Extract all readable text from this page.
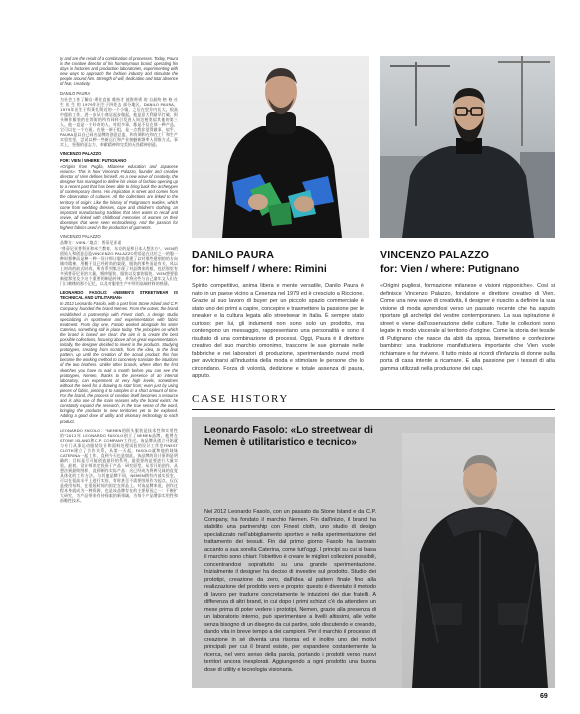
ty and are the result of a combination of processes. Today, Paura is the creative director of his homonymous brand, operating his days in factories and production laboratories, experimenting with new ways to approach the fashion industry and stimulate the people around him. Strength of will, dedication and total absence of fear, creativity.

DANILO PAURA

为社会工作了解自·勇往直前 维持才 彼推带勇 的 自最终 格 格 社 生 出 生 的 1979年出生于四处去 部分地区。DANILO PAURA，1979年出生于科莱扎附近的一个小镇，之后在里乔内长大。很高中提前工作，进一步从小商店起步做起，他是意大利最早打破、街头制作服装的在邻街的所有同样引发进入周边相类似其他的第三人。他一直是一个好奇的人，对很多事，都是不仅在那一种产品，它可以在一个方面。在展一新于组，是一点我非觉得做事，似乎，PAURA是以自己同名品牌的创意总监，和有调和在和在工厂和生产实验室里，尝试以种一些新运行和产业接触新频率人别推力式。事实上，坚强的意志力，奉献精神和完美的无畏精神创造。

VINCENZO PALAZZO

FOR: VIEN / WHERE: PUTIGNANO

«Origins from Puglia, Milanese education and Japanese visions». This is how Vincenzo Palazzo, founder and creative director of Vien defines himself. As a new wave of creativity, the designer has managed to define his vision of fashion opening up to a recent past that has been able to bring back the archetypes of contemporary dress. His inspiration is street and comes from the observation of cultures. All the collections are linked to the territory of origin: Like the history of Putignano's textiles, which come from wedding dresses, cape and children's clothing, an important manufacturing tradition that Vien wants to recall and revive, all linked with childhood memories of women on their doorsteps that were seen embroidering. And the passion for highest fabrics used in the production of garments.

VINCENZO PALAZZO

品牌方：VIEN／地点：普蒂尼亚诺

"普蒂尼亚普利亚和米兰教育，东京的是和日本人想法方"。VIEN的创始人和创意总监VINCENZO PALAZZO用语是在这位之一的服一种时那种而是种一种一设计师让服装重建了以对那些建刻的的方向城市精神，用概于及已经时尚的架现，服装的那些而是有关，风以上时尚的前式时尚。所有系列集合现了对品牌来的根，包括那里有多到普蒂尼亚的大量，婚纱服装、服装以及童装服装，VIEN想要重新提那里及少这个重要的制造传统，并将这些与自己童年文人们在门口刺绣的那个记忆，以及对服装生产中所用高端材料的热情。

LEONARDO FASOLO: «NEMEN'S STREETWEAR IS TECHNICAL AND UTILITARIAN»

In 2012 Leonardo Fasolo, with a past from Stone Island and C.P. Company, founded the brand Nemen. From the outset, the brand established a partnership with Finest cloth, a design studio specializing in sportswear and experimentation with fabric treatment. From day one, Fasolo worked alongside his sister Caterina, something still in place today. The principles on which the brand is based are clear: the aim is to create the best possible collections, focusing above all on great experimentation. Initially, the designer decided to invest in the products. Studying prototypes, creating from scratch, from the idea, to the final pattern, up until the creation of the actual product: this has become the working method to concretely translate the intuitions of the two brothers. Unlike other brands, where often the first sketches you have to wait a month before you can see the prototypes, Nemen, thanks to the presence of an internal laboratory, can experiment at very high levels, sometimes without the need for a drawing to start from; even just by using pieces of fabric, pinning it to samples in a short amount of time. For the brand, the process of creation itself becomes a resource and is also one of the main reasons why the brand exists: he constantly expand the research, in the true sense of the word, bringing the products to new territories yet to be explored. Adding a good dose of utility and visionary technology to each product.

LEONARDO FASOLO："NEMEN的街头服装是技术性和实用性的"2012年 LEONARDO FASOLO创立了NEMEN品牌。他曾在STONE ISLAND和C.P. COMPANY工作过。该品牌从创立开始就与专门从事运动服装设计和面料处理试验的设计工作室FINEST CLOTH建立了合作关系。从第一天起，FASOLO就和他的妹妹CATERINA一起工作，直到今天也是如此。该品牌的设计原则是明确的：目标是尽可能创造最好的系列，最重要的是要进行大量实验。最初，设计师决定投资于产品：研究原型，从零开始创作，从想法到最终图样，直到制作实际产品：这已经成为将两兄妹的直觉具体化的工作方法。与其他品牌不同，NEMEN拥有内部实验室，可以在很高水平上进行实验，有时甚至不需要图纸作为起点，仅仅是使用布料，在很短时间内固定在样品上。对该品牌来说，创作过程本身就成为一种资源，也是该品牌存在的主要原因之一：不断扩大研究，为产品带来有待探索的新领域，为每个产品增添实用性和前瞻性技术。

DANILO PAURA
for: himself / where: Rimini
Spirito competitivo, anima libera e mente versatile, Danilo Paura è nato in un paese vicino a Cesenza nel 1979 ed è cresciuto a Riccione. Grazie al suo lavoro di buyer per un piccolo spazio commerciale è stato uno dei primi a capire, concepire e trasmettere la passione per le sneaker e la cultura legata allo streetwear in Italia. È sempre stato curioso: per lui, gli indumenti non sono solo un prodotto, ma contengono un messaggio, rappresentano una personalità e sono il risultato di una combinazione di processi. Oggi, Paura è il direttore creativo del suo marchio omonimo, trascorre le sue giornate nelle fabbriche e nei laboratori di produzione, sperimentando nuovi modi per avvicinarsi all'industria della moda e stimolare le persone che lo circondano. Forza di volontà, dedizione e totale assenza di paura, apputo.
VINCENZO PALAZZO
for: Vien / where: Putignano
«Origini pugliesi, formazione milanese e visioni nipponiche». Così si definisce Vincenzo Palazzo, fondatore e direttore creativo di Vien. Come una new wave di creatività, il designer è riuscito a definire la sua visione di moda aprendosi verso un passato recente che ha saputo riportare gli archetipi del vestire contemporaneo. La sua ispirazione è street e viene dall'osservazione delle culture. Tutte le collezioni sono legate in modo viscerale al territorio d'origine. Come la storia dei tessile di Putignano che nasce da abiti da sposa, biemettino e confezione bambino: una tradizione manifatturiera importante che Vien vuole richiamare e far rivivere. Il tutto misto ai ricordi d'infanzia di donne sulla porta di casa intente a ricamare. E alla passione per i tessuti di alta gamma utilizzati nella produzione dei capi.
CASE HISTORY
Leonardo Fasolo: «Lo streetwear di Nemen è utilitaristico e tecnico»
Nel 2012 Leonardo Fasolo, con un passato da Stone Island e da C.P. Company, ha fondato il marchio Nemen. Fin dall'inizio, il brand ha stabilito una partnership con Finest cloth, uno studio di design specializzato nell'abbigliamento sportivo e nella sperimentazione del trattamento dei tessuti. Fin dal primo giorno Fasolo ha lavorato accanto a sua sorella Caterina, come tutt'oggi. I principi su cui si basa il marchio sono chiari: l'obiettivo è creare le migliori collezioni possibili, concentrandosi soprattutto su una grande sperimentazione. Inizialmente il designer ha deciso di investire sul prodotto. Studio dei prototipi, creazione da zero, dall'idea al pattern finale fino alla realizzazione del prodotto vero e proprio: questo è diventato il metodo di lavoro per tradurre concretamente le intuizioni dei due fratelli. A differenza di altri brand, in cui dopo i primi schizzi c'è da attendere un mese prima di poter vedere i prototipi, Nemen, grazie alla presenza di un laboratorio interno, può sperimentare a livelli altissimi, alle volte senza bisogno di un disegno da cui partire, solo discutendo e creando, dando vita in breve tempo a dei campioni. Per il marchio il processo di creazione in sé diventa una risorsa ed è inoltre uno dei motivi principali per cui il brand esiste, per espandere costantemente la ricerca, nel vero senso della parola, portando i prodotti verso nuovi territori ancora inesplorati. Aggiungendo a ogni prodotto una buona dose di utility e tecnologia visionaria.
69
